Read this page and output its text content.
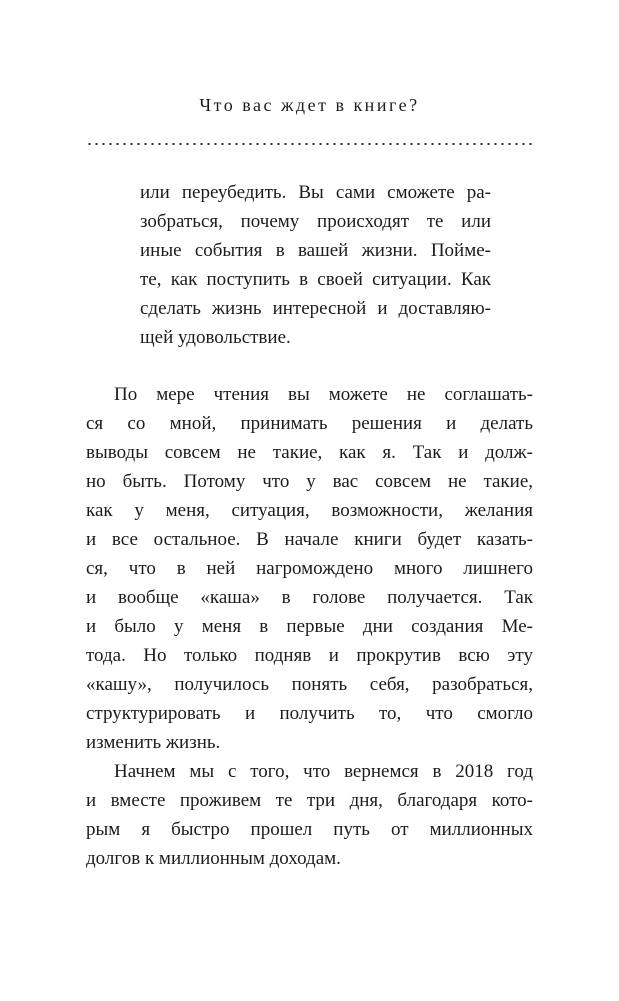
Что вас ждет в книге?
или переубедить. Вы сами сможете ра-
зобраться, почему происходят те или
иные события в вашей жизни. Пойме-
те, как поступить в своей ситуации. Как
сделать жизнь интересной и доставляю-
щей удовольствие.
По мере чтения вы можете не соглашать-
ся со мной, принимать решения и делать
выводы совсем не такие, как я. Так и долж-
но быть. Потому что у вас совсем не такие,
как у меня, ситуация, возможности, желания
и все остальное. В начале книги будет казать-
ся, что в ней нагромождено много лишнего
и вообще «каша» в голове получается. Так
и было у меня в первые дни создания Ме-
тода. Но только подняв и прокрутив всю эту
«кашу», получилось понять себя, разобраться,
структурировать и получить то, что смогло
изменить жизнь.
Начнем мы с того, что вернемся в 2018 год
и вместе проживем те три дня, благодаря кото-
рым я быстро прошел путь от миллионных
долгов к миллионным доходам.
